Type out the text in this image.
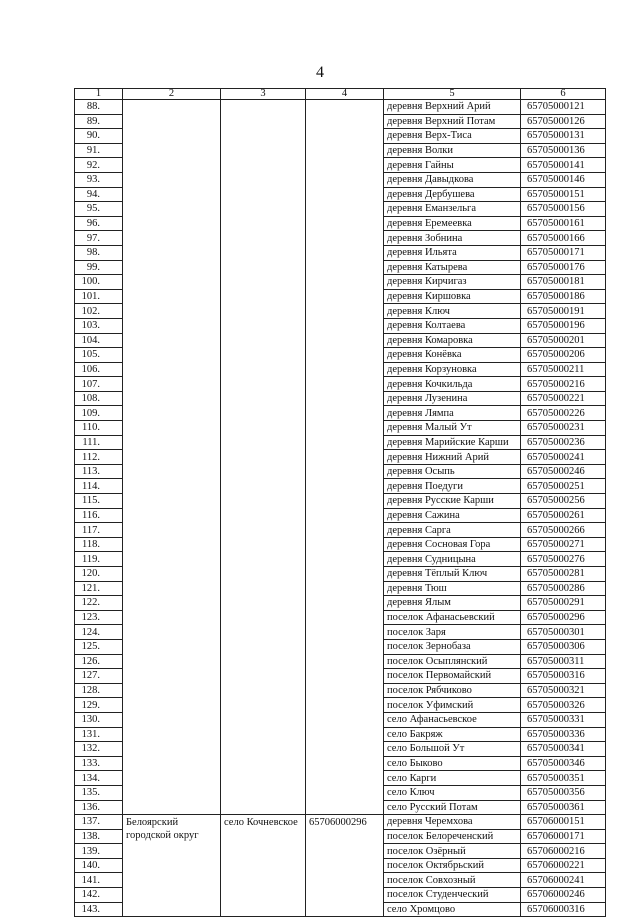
4
1	2	3	4	5	6
88.				деревня Верхний Арий	65705000121
89.				деревня Верхний Потам	65705000126
90.				деревня Верх-Тиса	65705000131
91.				деревня Волки	65705000136
92.				деревня Гайны	65705000141
93.				деревня Давыдкова	65705000146
94.				деревня Дербушева	65705000151
95.				деревня Еманзельга	65705000156
96.				деревня Еремеевка	65705000161
97.				деревня Зобнина	65705000166
98.				деревня Ильята	65705000171
99.				деревня Катырева	65705000176
100.				деревня Кирчигаз	65705000181
101.				деревня Киршовка	65705000186
102.				деревня Ключ	65705000191
103.				деревня Колтаева	65705000196
104.				деревня Комаровка	65705000201
105.				деревня Конёвка	65705000206
106.				деревня Корзуновка	65705000211
107.				деревня Кочкильда	65705000216
108.				деревня Лузенина	65705000221
109.				деревня Лямпа	65705000226
110.				деревня Малый Ут	65705000231
111.				деревня Марийские Карши	65705000236
112.				деревня Нижний Арий	65705000241
113.				деревня Осыпь	65705000246
114.				деревня Поедуги	65705000251
115.				деревня Русские Карши	65705000256
116.				деревня Сажина	65705000261
117.				деревня Сарга	65705000266
118.				деревня Сосновая Гора	65705000271
119.				деревня Судницына	65705000276
120.				деревня Тёплый Ключ	65705000281
121.				деревня Тюш	65705000286
122.				деревня Ялым	65705000291
123.				поселок Афанасьевский	65705000296
124.				поселок Заря	65705000301
125.				поселок Зернобаза	65705000306
126.				поселок Осыплянский	65705000311
127.				поселок Первомайский	65705000316
128.				поселок Рябчиково	65705000321
129.				поселок Уфимский	65705000326
130.				село Афанасьевское	65705000331
131.				село Бакряж	65705000336
132.				село Большой Ут	65705000341
133.				село Быково	65705000346
134.				село Карги	65705000351
135.				село Ключ	65705000356
136.				село Русский Потам	65705000361
137.	Белоярский городской округ	село Кочневское	65706000296	деревня Черемхова	65706000151
138.				поселок Белореченский	65706000171
139.				поселок Озёрный	65706000216
140.				поселок Октябрьский	65706000221
141.				поселок Совхозный	65706000241
142.				поселок Студенческий	65706000246
143.				село Хромцово	65706000316
